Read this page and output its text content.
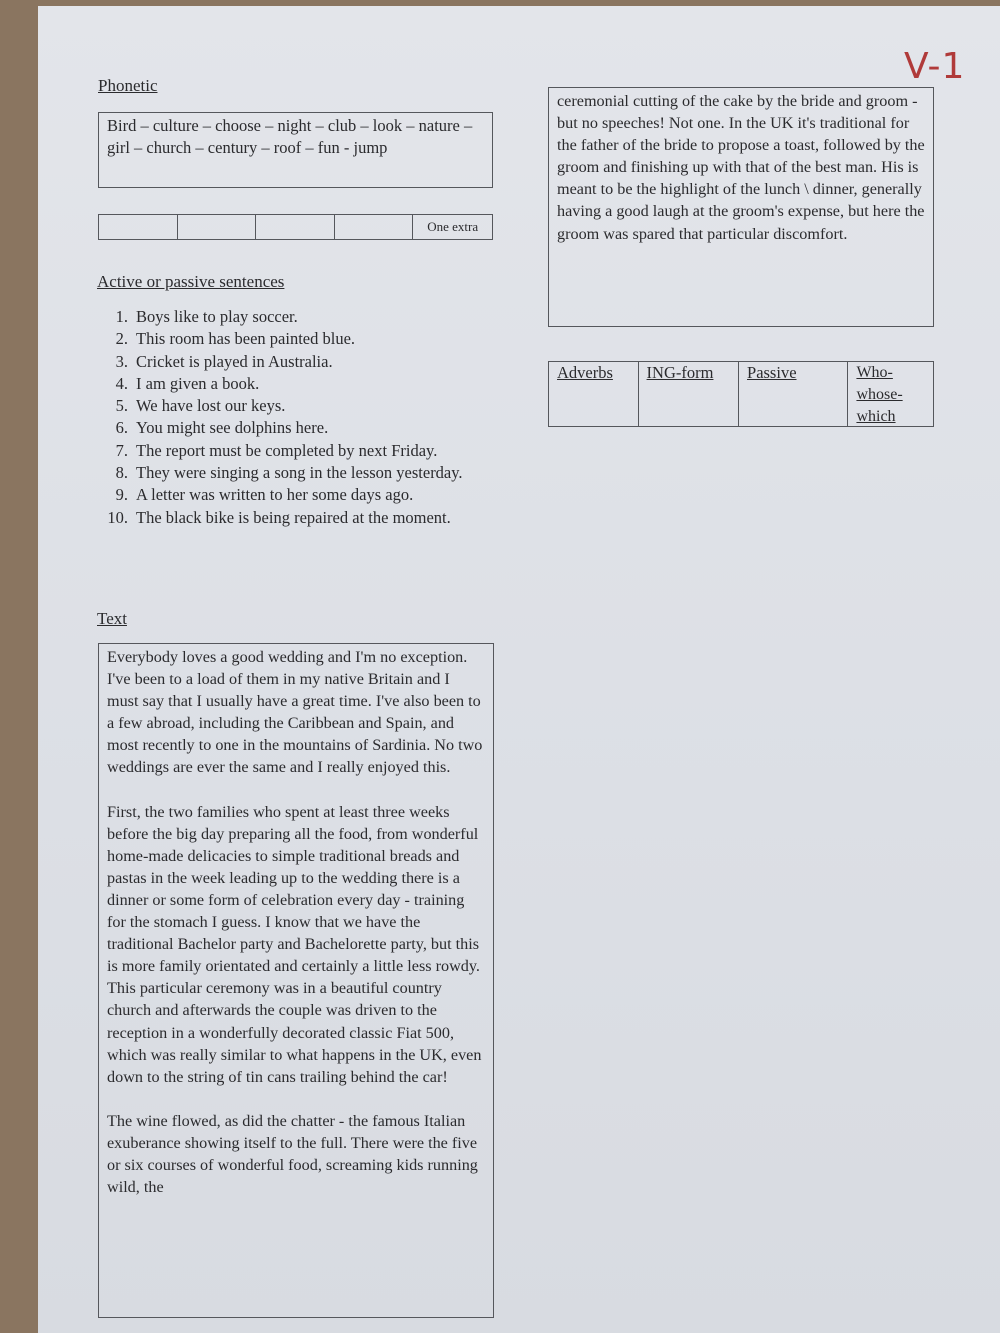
V-1
Phonetic
Bird – culture – choose – night – club – look – nature – girl – church – century – roof – fun - jump
One extra
Active or passive sentences
1. Boys like to play soccer.
2. This room has been painted blue.
3. Cricket is played in Australia.
4. I am given a book.
5. We have lost our keys.
6. You might see dolphins here.
7. The report must be completed by next Friday.
8. They were singing a song in the lesson yesterday.
9. A letter was written to her some days ago.
10. The black bike is being repaired at the moment.
Text

Everybody loves a good wedding and I'm no exception. I've been to a load of them in my native Britain and I must say that I usually have a great time. I've also been to a few abroad, including the Caribbean and Spain, and most recently to one in the mountains of Sardinia. No two weddings are ever the same and I really enjoyed this.

First, the two families who spent at least three weeks before the big day preparing all the food, from wonderful home-made delicacies to simple traditional breads and pastas in the week leading up to the wedding there is a dinner or some form of celebration every day - training for the stomach I guess. I know that we have the traditional Bachelor party and Bachelorette party, but this is more family orientated and certainly a little less rowdy. This particular ceremony was in a beautiful country church and afterwards the couple was driven to the reception in a wonderfully decorated classic Fiat 500, which was really similar to what happens in the UK, even down to the string of tin cans trailing behind the car!

The wine flowed, as did the chatter - the famous Italian exuberance showing itself to the full. There were the five or six courses of wonderful food, screaming kids running wild, the

ceremonial cutting of the cake by the bride and groom - but no speeches! Not one. In the UK it's traditional for the father of the bride to propose a toast, followed by the groom and finishing up with that of the best man. His is meant to be the highlight of the lunch \ dinner, generally having a good laugh at the groom's expense, but here the groom was spared that particular discomfort.
Adverbs	ING-form	Passive	Who-whose-which
